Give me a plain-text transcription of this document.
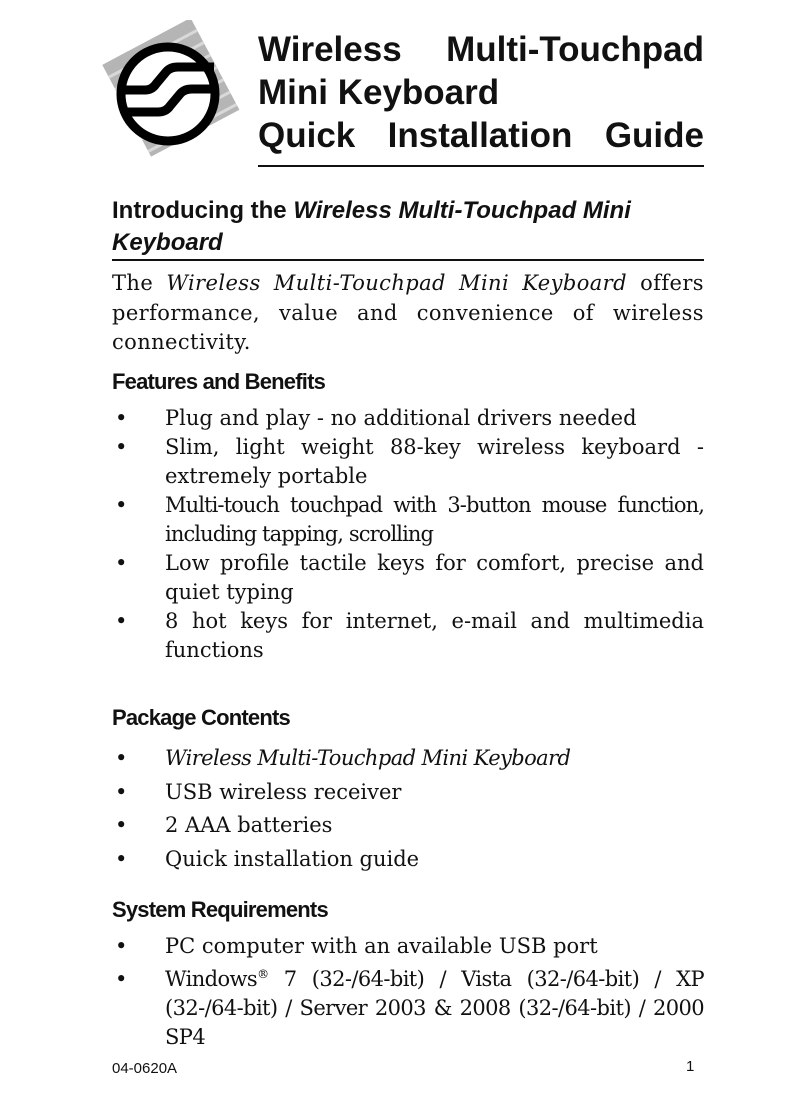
Wireless Multi-Touchpad
Mini Keyboard
Quick Installation Guide
Introducing the Wireless Multi-Touchpad Mini Keyboard
The Wireless Multi-Touchpad Mini Keyboard offers performance, value and convenience of wireless connectivity.
Features and Benefits
• Plug and play - no additional drivers needed
• Slim, light weight 88-key wireless keyboard - extremely portable
• Multi-touch touchpad with 3-button mouse function, including tapping, scrolling
• Low profile tactile keys for comfort, precise and quiet typing
• 8 hot keys for internet, e-mail and multimedia functions
Package Contents
• Wireless Multi-Touchpad Mini Keyboard
• USB wireless receiver
• 2 AAA batteries
• Quick installation guide
System Requirements
• PC computer with an available USB port
• Windows® 7 (32-/64-bit) / Vista (32-/64-bit) / XP (32-/64-bit) / Server 2003 & 2008 (32-/64-bit) / 2000 SP4
04-0620A	1
